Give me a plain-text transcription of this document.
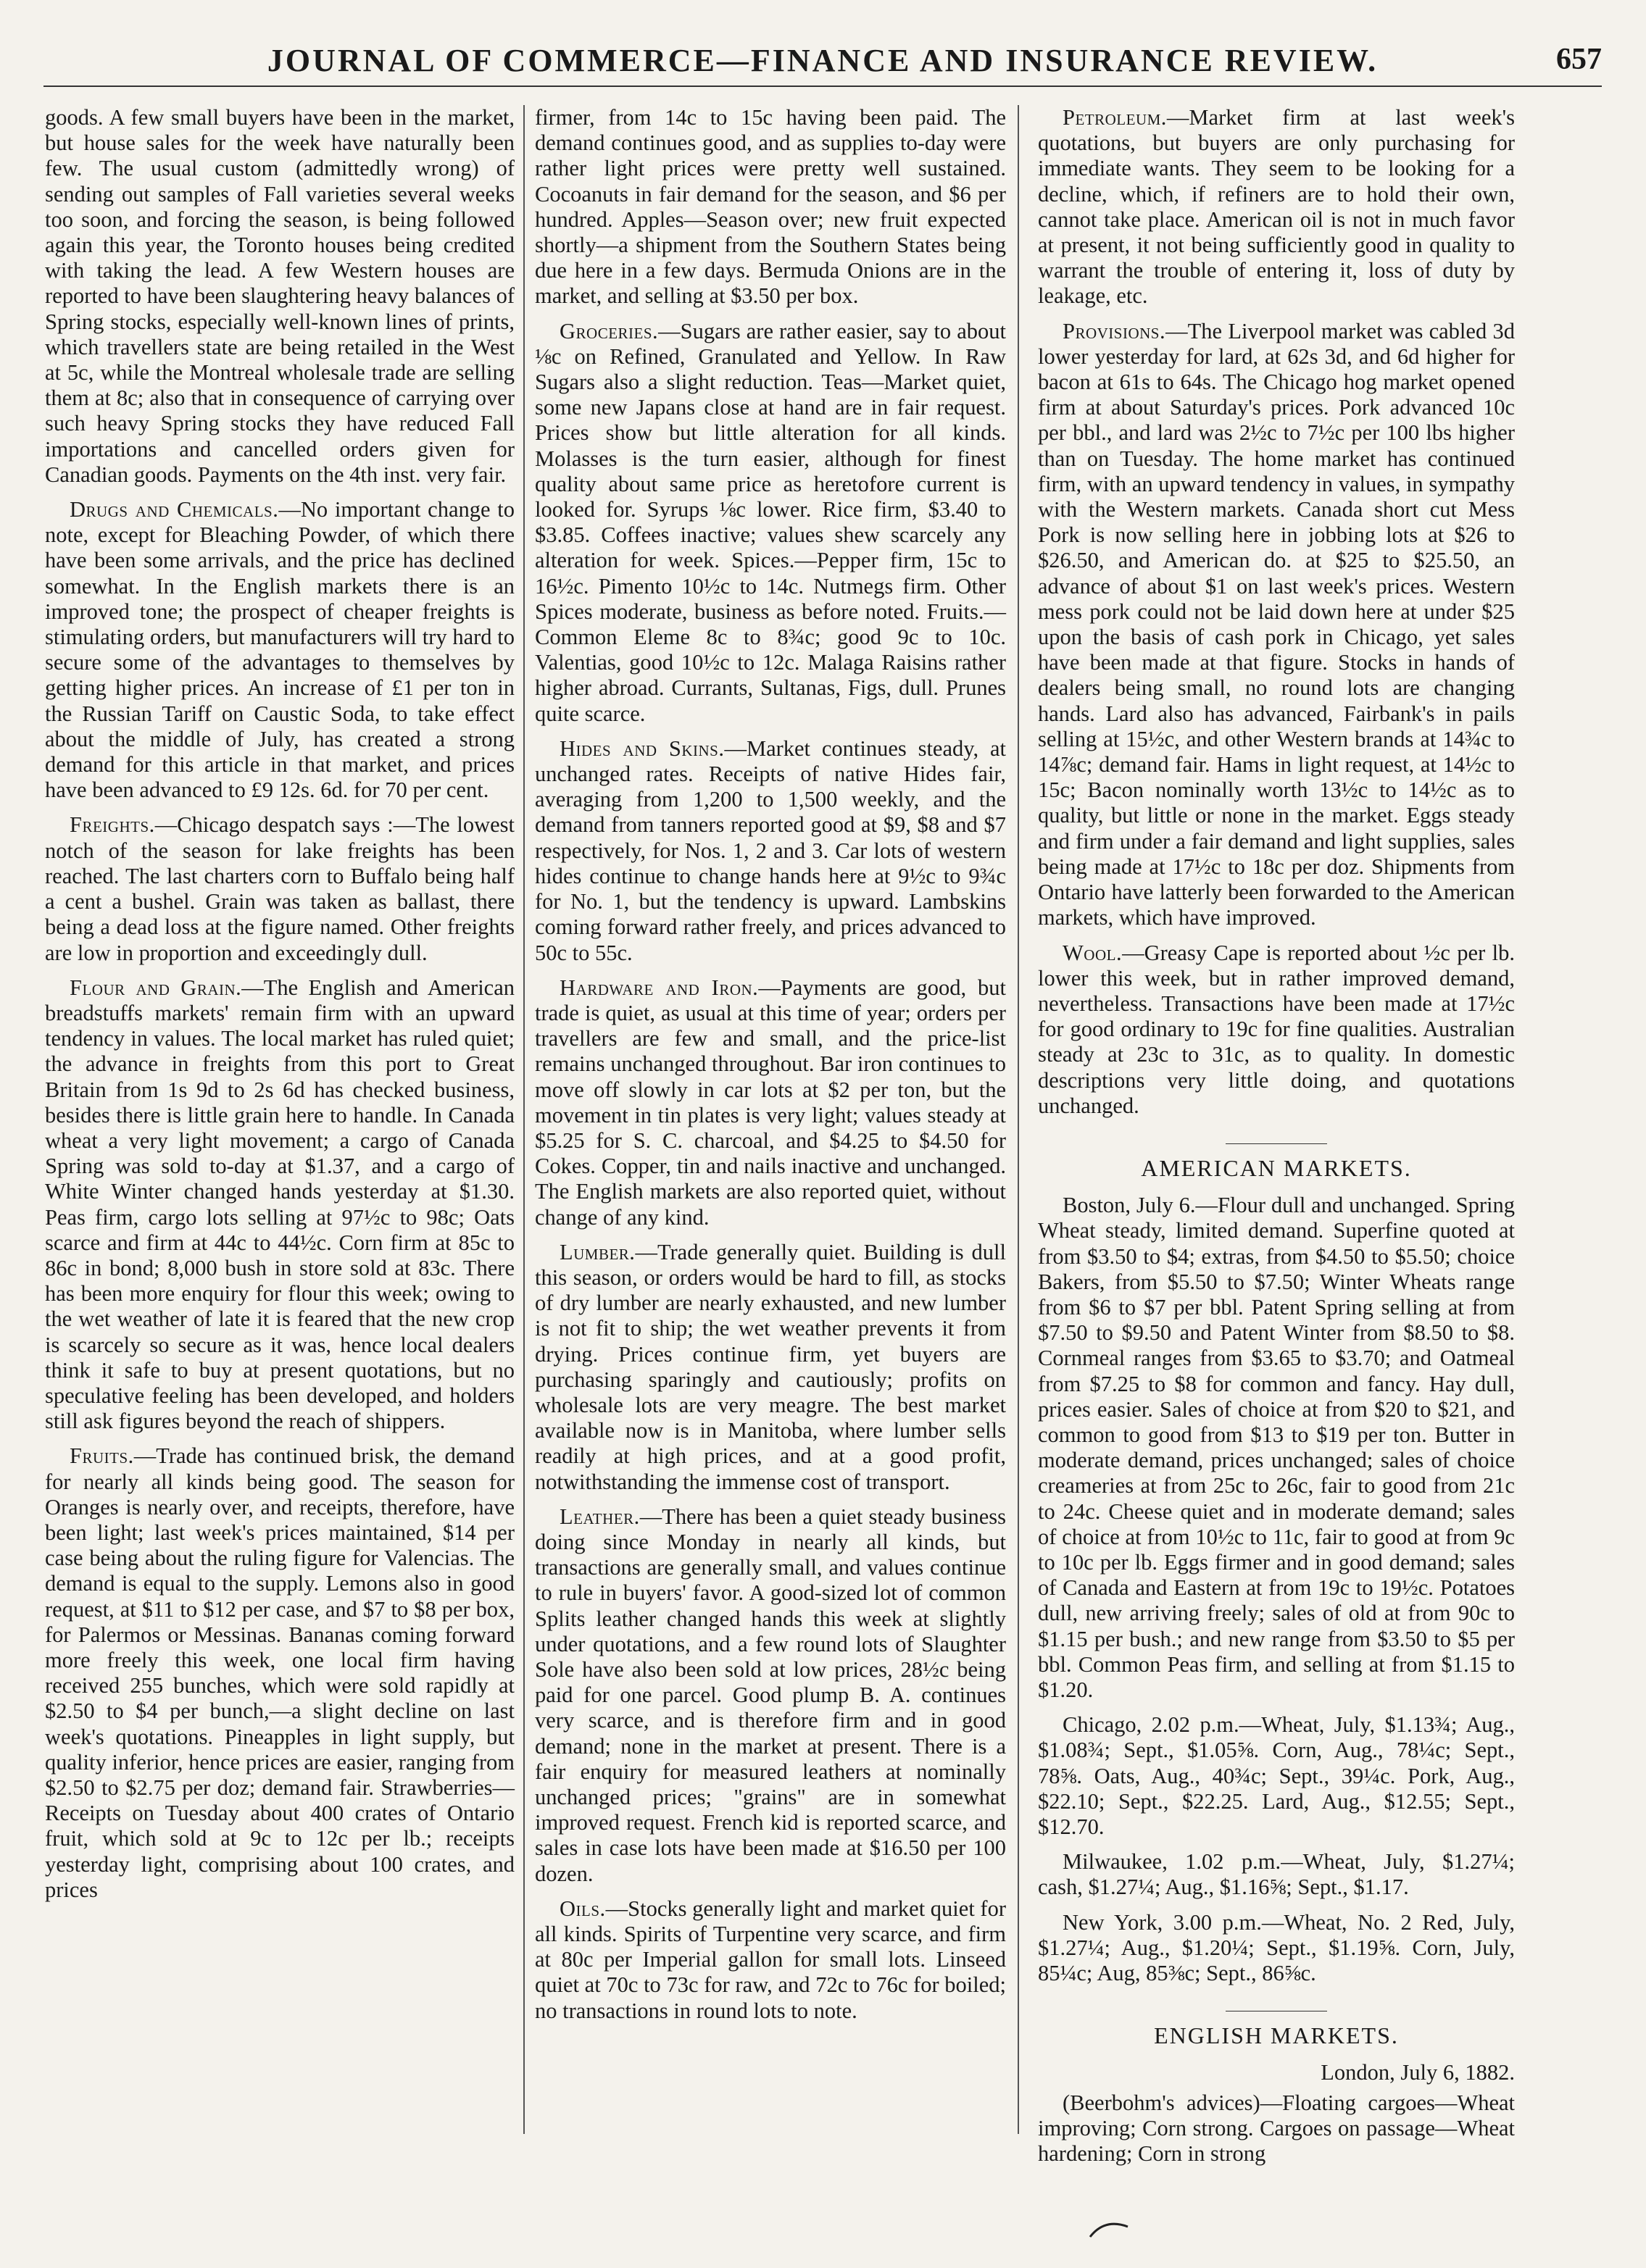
JOURNAL OF COMMERCE—FINANCE AND INSURANCE REVIEW.	657

goods. A few small buyers have been in the market, but house sales for the week have naturally been few. The usual custom (admittedly wrong) of sending out samples of Fall varieties several weeks too soon, and forcing the season, is being followed again this year, the Toronto houses being credited with taking the lead. A few Western houses are reported to have been slaughtering heavy balances of Spring stocks, especially well-known lines of prints, which travellers state are being retailed in the West at 5c, while the Montreal wholesale trade are selling them at 8c; also that in consequence of carrying over such heavy Spring stocks they have reduced Fall importations and cancelled orders given for Canadian goods. Payments on the 4th inst. very fair.

Drugs and Chemicals.—No important change to note, except for Bleaching Powder, of which there have been some arrivals, and the price has declined somewhat. In the English markets there is an improved tone; the prospect of cheaper freights is stimulating orders, but manufacturers will try hard to secure some of the advantages to themselves by getting higher prices. An increase of £1 per ton in the Russian Tariff on Caustic Soda, to take effect about the middle of July, has created a strong demand for this article in that market, and prices have been advanced to £9 12s. 6d. for 70 per cent.

Freights.—Chicago despatch says :—The lowest notch of the season for lake freights has been reached. The last charters corn to Buffalo being half a cent a bushel. Grain was taken as ballast, there being a dead loss at the figure named. Other freights are low in proportion and exceedingly dull.

Flour and Grain.—The English and American breadstuffs markets' remain firm with an upward tendency in values. The local market has ruled quiet; the advance in freights from this port to Great Britain from 1s 9d to 2s 6d has checked business, besides there is little grain here to handle. In Canada wheat a very light movement; a cargo of Canada Spring was sold to-day at $1.37, and a cargo of White Winter changed hands yesterday at $1.30. Peas firm, cargo lots selling at 97½c to 98c; Oats scarce and firm at 44c to 44½c. Corn firm at 85c to 86c in bond; 8,000 bush in store sold at 83c. There has been more enquiry for flour this week; owing to the wet weather of late it is feared that the new crop is scarcely so secure as it was, hence local dealers think it safe to buy at present quotations, but no speculative feeling has been developed, and holders still ask figures beyond the reach of shippers.

Fruits.—Trade has continued brisk, the demand for nearly all kinds being good. The season for Oranges is nearly over, and receipts, therefore, have been light; last week's prices maintained, $14 per case being about the ruling figure for Valencias. The demand is equal to the supply. Lemons also in good request, at $11 to $12 per case, and $7 to $8 per box, for Palermos or Messinas. Bananas coming forward more freely this week, one local firm having received 255 bunches, which were sold rapidly at $2.50 to $4 per bunch,—a slight decline on last week's quotations. Pineapples in light supply, but quality inferior, hence prices are easier, ranging from $2.50 to $2.75 per doz; demand fair. Strawberries—Receipts on Tuesday about 400 crates of Ontario fruit, which sold at 9c to 12c per lb.; receipts yesterday light, comprising about 100 crates, and prices

firmer, from 14c to 15c having been paid. The demand continues good, and as supplies to-day were rather light prices were pretty well sustained. Cocoanuts in fair demand for the season, and $6 per hundred. Apples—Season over; new fruit expected shortly—a shipment from the Southern States being due here in a few days. Bermuda Onions are in the market, and selling at $3.50 per box.

Groceries.—Sugars are rather easier, say to about ⅛c on Refined, Granulated and Yellow. In Raw Sugars also a slight reduction. Teas—Market quiet, some new Japans close at hand are in fair request. Prices show but little alteration for all kinds. Molasses is the turn easier, although for finest quality about same price as heretofore current is looked for. Syrups ⅛c lower. Rice firm, $3.40 to $3.85. Coffees inactive; values shew scarcely any alteration for week. Spices.—Pepper firm, 15c to 16½c. Pimento 10½c to 14c. Nutmegs firm. Other Spices moderate, business as before noted. Fruits.—Common Eleme 8c to 8¾c; good 9c to 10c. Valentias, good 10½c to 12c. Malaga Raisins rather higher abroad. Currants, Sultanas, Figs, dull. Prunes quite scarce.

Hides and Skins.—Market continues steady, at unchanged rates. Receipts of native Hides fair, averaging from 1,200 to 1,500 weekly, and the demand from tanners reported good at $9, $8 and $7 respectively, for Nos. 1, 2 and 3. Car lots of western hides continue to change hands here at 9½c to 9¾c for No. 1, but the tendency is upward. Lambskins coming forward rather freely, and prices advanced to 50c to 55c.

Hardware and Iron.—Payments are good, but trade is quiet, as usual at this time of year; orders per travellers are few and small, and the price-list remains unchanged throughout. Bar iron continues to move off slowly in car lots at $2 per ton, but the movement in tin plates is very light; values steady at $5.25 for S. C. charcoal, and $4.25 to $4.50 for Cokes. Copper, tin and nails inactive and unchanged. The English markets are also reported quiet, without change of any kind.

Lumber.—Trade generally quiet. Building is dull this season, or orders would be hard to fill, as stocks of dry lumber are nearly exhausted, and new lumber is not fit to ship; the wet weather prevents it from drying. Prices continue firm, yet buyers are purchasing sparingly and cautiously; profits on wholesale lots are very meagre. The best market available now is in Manitoba, where lumber sells readily at high prices, and at a good profit, notwithstanding the immense cost of transport.

Leather.—There has been a quiet steady business doing since Monday in nearly all kinds, but transactions are generally small, and values continue to rule in buyers' favor. A good-sized lot of common Splits leather changed hands this week at slightly under quotations, and a few round lots of Slaughter Sole have also been sold at low prices, 28½c being paid for one parcel. Good plump B. A. continues very scarce, and is therefore firm and in good demand; none in the market at present. There is a fair enquiry for measured leathers at nominally unchanged prices; "grains" are in somewhat improved request. French kid is reported scarce, and sales in case lots have been made at $16.50 per 100 dozen.

Oils.—Stocks generally light and market quiet for all kinds. Spirits of Turpentine very scarce, and firm at 80c per Imperial gallon for small lots. Linseed quiet at 70c to 73c for raw, and 72c to 76c for boiled; no transactions in round lots to note.

Petroleum.—Market firm at last week's quotations, but buyers are only purchasing for immediate wants. They seem to be looking for a decline, which, if refiners are to hold their own, cannot take place. American oil is not in much favor at present, it not being sufficiently good in quality to warrant the trouble of entering it, loss of duty by leakage, etc.

Provisions.—The Liverpool market was cabled 3d lower yesterday for lard, at 62s 3d, and 6d higher for bacon at 61s to 64s. The Chicago hog market opened firm at about Saturday's prices. Pork advanced 10c per bbl., and lard was 2½c to 7½c per 100 lbs higher than on Tuesday. The home market has continued firm, with an upward tendency in values, in sympathy with the Western markets. Canada short cut Mess Pork is now selling here in jobbing lots at $26 to $26.50, and American do. at $25 to $25.50, an advance of about $1 on last week's prices. Western mess pork could not be laid down here at under $25 upon the basis of cash pork in Chicago, yet sales have been made at that figure. Stocks in hands of dealers being small, no round lots are changing hands. Lard also has advanced, Fairbank's in pails selling at 15½c, and other Western brands at 14¾c to 14⅞c; demand fair. Hams in light request, at 14½c to 15c; Bacon nominally worth 13½c to 14½c as to quality, but little or none in the market. Eggs steady and firm under a fair demand and light supplies, sales being made at 17½c to 18c per doz. Shipments from Ontario have latterly been forwarded to the American markets, which have improved.

Wool.—Greasy Cape is reported about ½c per lb. lower this week, but in rather improved demand, nevertheless. Transactions have been made at 17½c for good ordinary to 19c for fine qualities. Australian steady at 23c to 31c, as to quality. In domestic descriptions very little doing, and quotations unchanged.

AMERICAN MARKETS.

Boston, July 6.—Flour dull and unchanged. Spring Wheat steady, limited demand. Superfine quoted at from $3.50 to $4; extras, from $4.50 to $5.50; choice Bakers, from $5.50 to $7.50; Winter Wheats range from $6 to $7 per bbl. Patent Spring selling at from $7.50 to $9.50 and Patent Winter from $8.50 to $8. Cornmeal ranges from $3.65 to $3.70; and Oatmeal from $7.25 to $8 for common and fancy. Hay dull, prices easier. Sales of choice at from $20 to $21, and common to good from $13 to $19 per ton. Butter in moderate demand, prices unchanged; sales of choice creameries at from 25c to 26c, fair to good from 21c to 24c. Cheese quiet and in moderate demand; sales of choice at from 10½c to 11c, fair to good at from 9c to 10c per lb. Eggs firmer and in good demand; sales of Canada and Eastern at from 19c to 19½c. Potatoes dull, new arriving freely; sales of old at from 90c to $1.15 per bush.; and new range from $3.50 to $5 per bbl. Common Peas firm, and selling at from $1.15 to $1.20.

Chicago, 2.02 p.m.—Wheat, July, $1.13¾; Aug., $1.08¾; Sept., $1.05⅝. Corn, Aug., 78¼c; Sept., 78⅝. Oats, Aug., 40¾c; Sept., 39¼c. Pork, Aug., $22.10; Sept., $22.25. Lard, Aug., $12.55; Sept., $12.70.

Milwaukee, 1.02 p.m.—Wheat, July, $1.27¼; cash, $1.27¼; Aug., $1.16⅝; Sept., $1.17.

New York, 3.00 p.m.—Wheat, No. 2 Red, July, $1.27¼; Aug., $1.20¼; Sept., $1.19⅝. Corn, July, 85¼c; Aug, 85⅜c; Sept., 86⅝c.

ENGLISH MARKETS.
London, July 6, 1882.

(Beerbohm's advices)—Floating cargoes—Wheat improving; Corn strong. Cargoes on passage—Wheat hardening; Corn in strong
